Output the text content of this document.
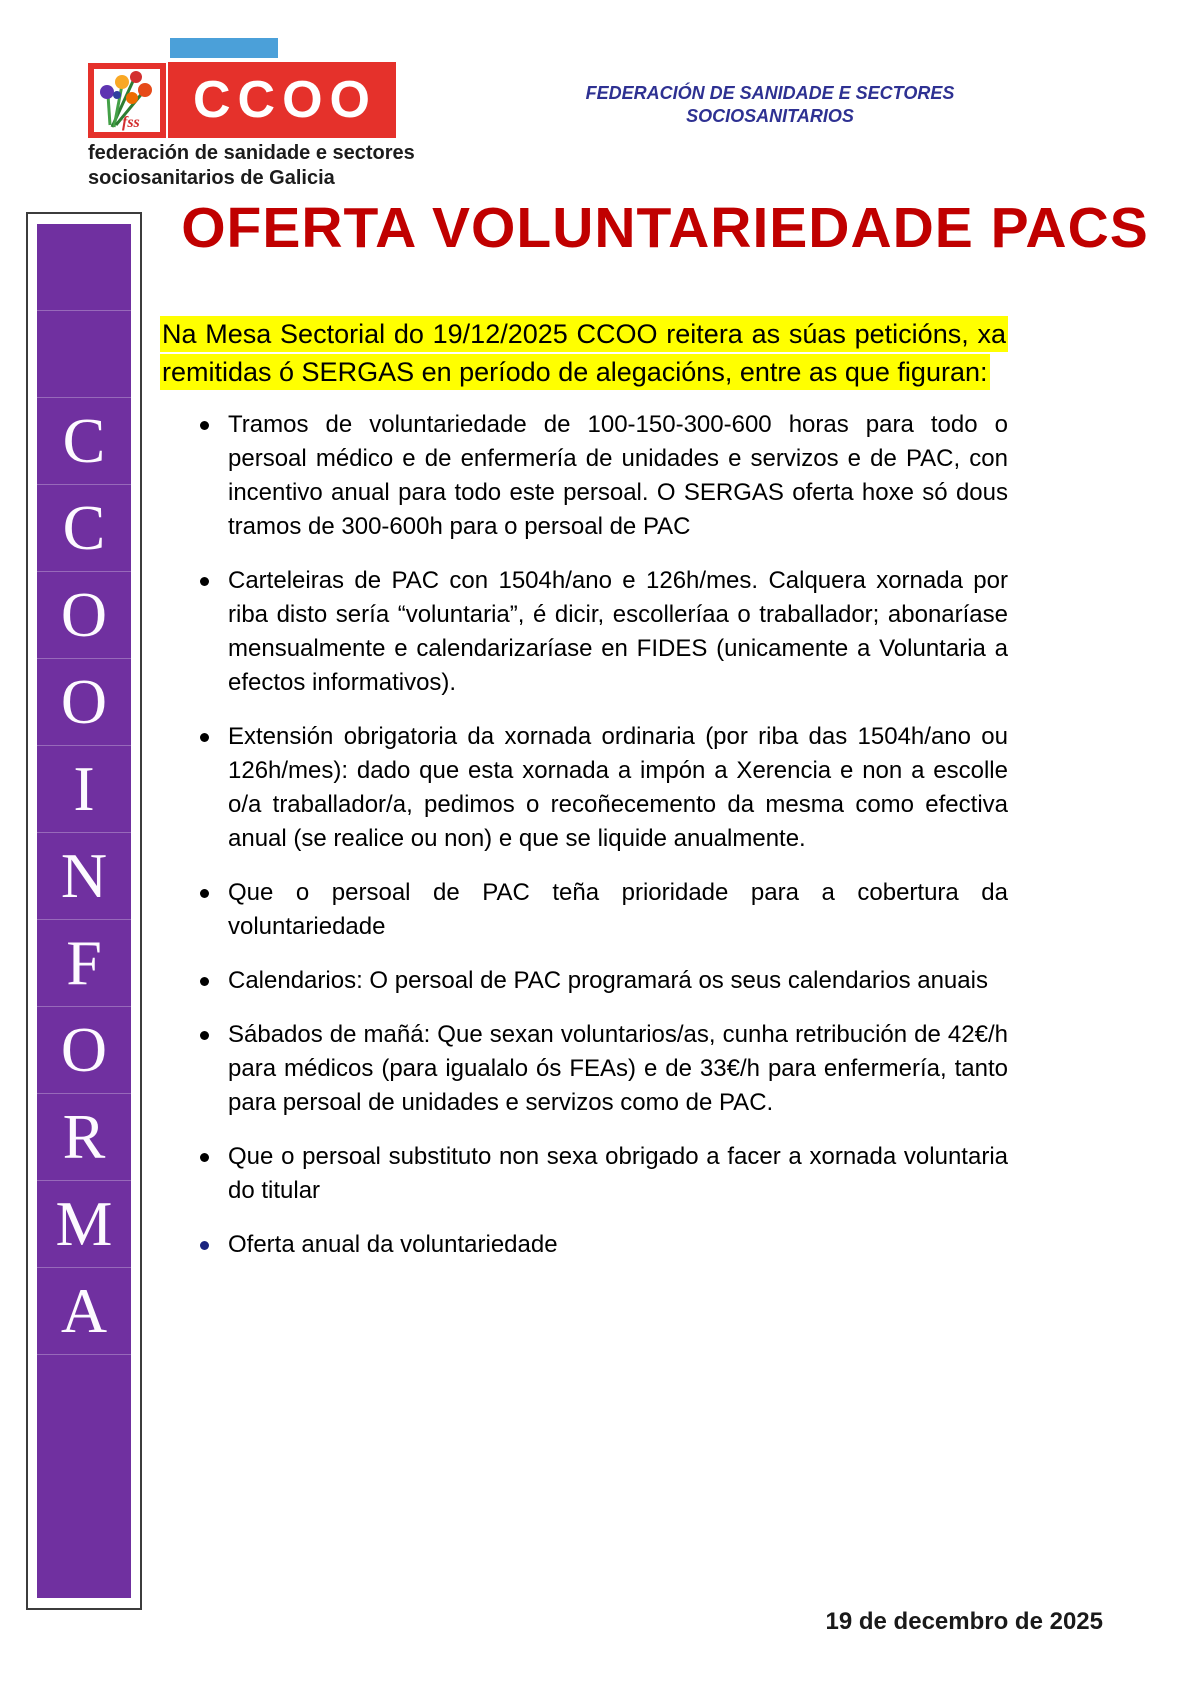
fss CCOO
federación de sanidade e sectores
sociosanitarios de Galicia
FEDERACIÓN DE SANIDADE E SECTORES
SOCIOSANITARIOS
C
C
O
O
I
N
F
O
R
M
A
OFERTA VOLUNTARIEDADE PACS

Na Mesa Sectorial do 19/12/2025 CCOO reitera as súas peticións, xa remitidas ó SERGAS en período de alegacións, entre as que figuran:

Tramos de voluntariedade de 100-150-300-600 horas para todo o persoal médico e de enfermería de unidades e servizos e de PAC, con incentivo anual para todo este persoal. O SERGAS oferta hoxe só dous tramos de 300-600h para o persoal de PAC
Carteleiras de PAC con 1504h/ano e 126h/mes. Calquera xornada por riba disto sería “voluntaria”, é dicir, escolleríaa o traballador; abonaríase mensualmente e calendarizaríase en FIDES (unicamente a Voluntaria a efectos informativos).
Extensión obrigatoria da xornada ordinaria (por riba das 1504h/ano ou 126h/mes): dado que esta xornada a impón a Xerencia e non a escolle o/a traballador/a, pedimos o recoñecemento da mesma como efectiva anual (se realice ou non) e que se liquide anualmente.
Que o persoal de PAC teña prioridade para a cobertura da voluntariedade
Calendarios: O persoal de PAC programará os seus calendarios anuais
Sábados de mañá: Que sexan voluntarios/as, cunha retribución de 42€/h para médicos (para igualalo ós FEAs) e de 33€/h para enfermería, tanto para persoal de unidades e servizos como de PAC.
Que o persoal substituto non sexa obrigado a facer a xornada voluntaria do titular
Oferta anual da voluntariedade
19 de decembro de 2025
